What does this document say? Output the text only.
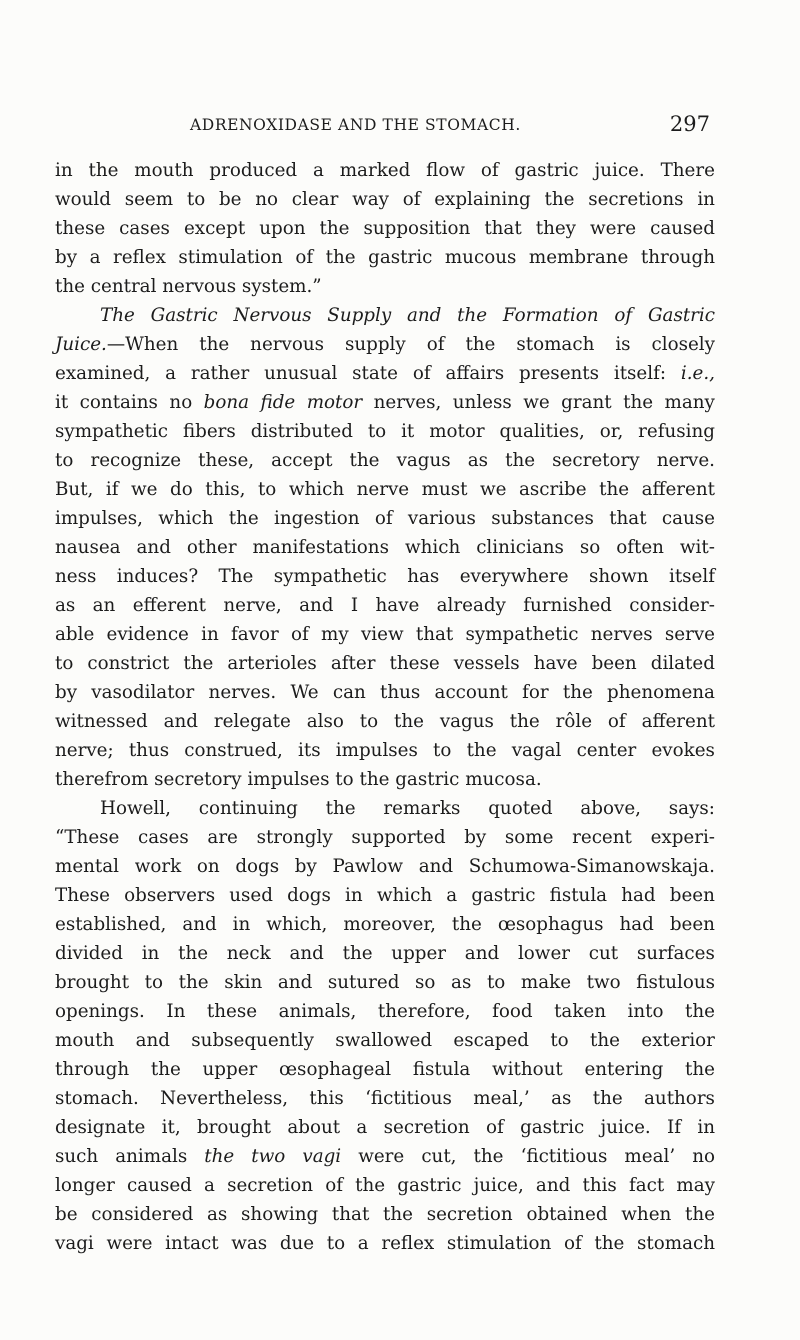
ADRENOXIDASE AND THE STOMACH.	297
in the mouth produced a marked flow of gastric juice. There
would seem to be no clear way of explaining the secretions in
these cases except upon the supposition that they were caused
by a reflex stimulation of the gastric mucous membrane through
the central nervous system.”
The Gastric Nervous Supply and the Formation of Gastric
Juice.—When the nervous supply of the stomach is closely
examined, a rather unusual state of affairs presents itself: i.e.,
it contains no bona fide motor nerves, unless we grant the many
sympathetic fibers distributed to it motor qualities, or, refusing
to recognize these, accept the vagus as the secretory nerve.
But, if we do this, to which nerve must we ascribe the afferent
impulses, which the ingestion of various substances that cause
nausea and other manifestations which clinicians so often wit-
ness induces? The sympathetic has everywhere shown itself
as an efferent nerve, and I have already furnished consider-
able evidence in favor of my view that sympathetic nerves serve
to constrict the arterioles after these vessels have been dilated
by vasodilator nerves. We can thus account for the phenomena
witnessed and relegate also to the vagus the rôle of afferent
nerve; thus construed, its impulses to the vagal center evokes
therefrom secretory impulses to the gastric mucosa.
Howell, continuing the remarks quoted above, says:
“These cases are strongly supported by some recent experi-
mental work on dogs by Pawlow and Schumowa-Simanowskaja.
These observers used dogs in which a gastric fistula had been
established, and in which, moreover, the œsophagus had been
divided in the neck and the upper and lower cut surfaces
brought to the skin and sutured so as to make two fistulous
openings. In these animals, therefore, food taken into the
mouth and subsequently swallowed escaped to the exterior
through the upper œsophageal fistula without entering the
stomach. Nevertheless, this ‘fictitious meal,’ as the authors
designate it, brought about a secretion of gastric juice. If in
such animals the two vagi were cut, the ‘fictitious meal’ no
longer caused a secretion of the gastric juice, and this fact may
be considered as showing that the secretion obtained when the
vagi were intact was due to a reflex stimulation of the stomach
